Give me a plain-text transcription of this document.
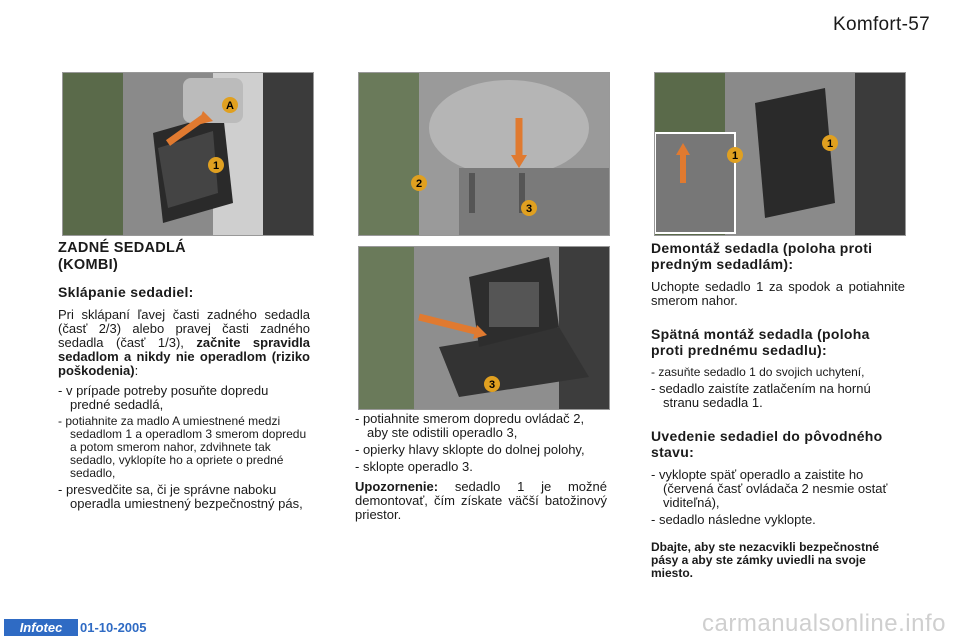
Komfort-57
A
1
2
3
3
1
1
ZADNÉ SEDADLÁ
(KOMBI)
Sklápanie sedadiel:

Pri sklápaní ľavej časti zadného sedadla (časť 2/3) alebo pravej časti zadného sedadla (časť 1/3), začnite spravidla sedadlom a nikdy nie operadlom (riziko poškodenia):

- v prípade potreby posuňte dopredu predné sedadlá,
- potiahnite za madlo A umiestnené medzi sedadlom 1 a operadlom 3 smerom dopredu a potom smerom nahor, zdvihnete tak sedadlo, vyklopíte ho a opriete o predné sedadlo,
- presvedčite sa, či je správne naboku operadla umiestnený bezpečnostný pás,
- potiahnite smerom dopredu ovládač 2, aby ste odistili operadlo 3,
- opierky hlavy sklopte do dolnej polohy,
- sklopte operadlo 3.

Upozornenie: sedadlo 1 je možné demontovať, čím získate väčší batožinový priestor.

Demontáž sedadla (poloha proti predným sedadlám):

Uchopte sedadlo 1 za spodok a potiahnite smerom nahor.

Spätná montáž sedadla (poloha proti prednému sedadlu):
- zasuňte sedadlo 1 do svojich uchytení,
- sedadlo zaistíte zatlačením na hornú stranu sedadla 1.
Uvedenie sedadiel do pôvodného stavu:
- vyklopte späť operadlo a zaistite ho (červená časť ovládača 2 nesmie ostať viditeľná),
- sedadlo následne vyklopte.
Dbajte, aby ste nezacvikli bezpečnostné pásy a aby ste zámky uviedli na svoje miesto.
Infotec	01-10-2005	carmanualsonline.info
